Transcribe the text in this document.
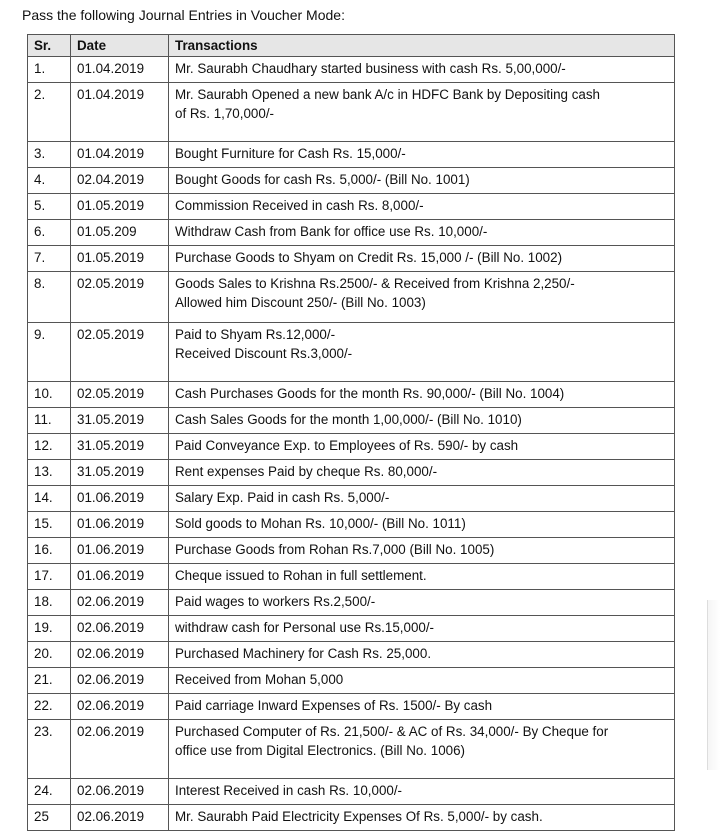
Pass the following Journal Entries in Voucher Mode:
Sr.	Date	Transactions
1.	01.04.2019	Mr. Saurabh Chaudhary started business with cash Rs. 5,00,000/-

2.	01.04.2019	Mr. Saurabh Opened a new bank A/c in HDFC Bank by Depositing cash
of Rs. 1,70,000/-

3.	01.04.2019	Bought Furniture for Cash Rs. 15,000/-

4.	02.04.2019	Bought Goods for cash Rs. 5,000/- (Bill No. 1001)

5.	01.05.2019	Commission Received in cash Rs. 8,000/-

6.	01.05.209	Withdraw Cash from Bank for office use Rs. 10,000/-

7.	01.05.2019	Purchase Goods to Shyam on Credit Rs. 15,000 /- (Bill No. 1002)

8.	02.05.2019	Goods Sales to Krishna Rs.2500/- & Received from Krishna 2,250/-
Allowed him Discount 250/- (Bill No. 1003)

9.	02.05.2019	Paid to Shyam Rs.12,000/-
Received Discount Rs.3,000/-

10.	02.05.2019	Cash Purchases Goods for the month Rs. 90,000/- (Bill No. 1004)

11.	31.05.2019	Cash Sales Goods for the month 1,00,000/- (Bill No. 1010)

12.	31.05.2019	Paid Conveyance Exp. to Employees of Rs. 590/- by cash

13.	31.05.2019	Rent expenses Paid by cheque Rs. 80,000/-

14.	01.06.2019	Salary Exp. Paid in cash Rs. 5,000/-

15.	01.06.2019	Sold goods to Mohan Rs. 10,000/- (Bill No. 1011)

16.	01.06.2019	Purchase Goods from Rohan Rs.7,000 (Bill No. 1005)

17.	01.06.2019	Cheque issued to Rohan in full settlement.

18.	02.06.2019	Paid wages to workers Rs.2,500/-

19.	02.06.2019	withdraw cash for Personal use Rs.15,000/-

20.	02.06.2019	Purchased Machinery for Cash Rs. 25,000.

21.	02.06.2019	Received from Mohan 5,000

22.	02.06.2019	Paid carriage Inward Expenses of Rs. 1500/- By cash

23.	02.06.2019	Purchased Computer of Rs. 21,500/- & AC of Rs. 34,000/- By Cheque for
office use from Digital Electronics. (Bill No. 1006)

24.	02.06.2019	Interest Received in cash Rs. 10,000/-

25	02.06.2019	Mr. Saurabh Paid Electricity Expenses Of Rs. 5,000/- by cash.
